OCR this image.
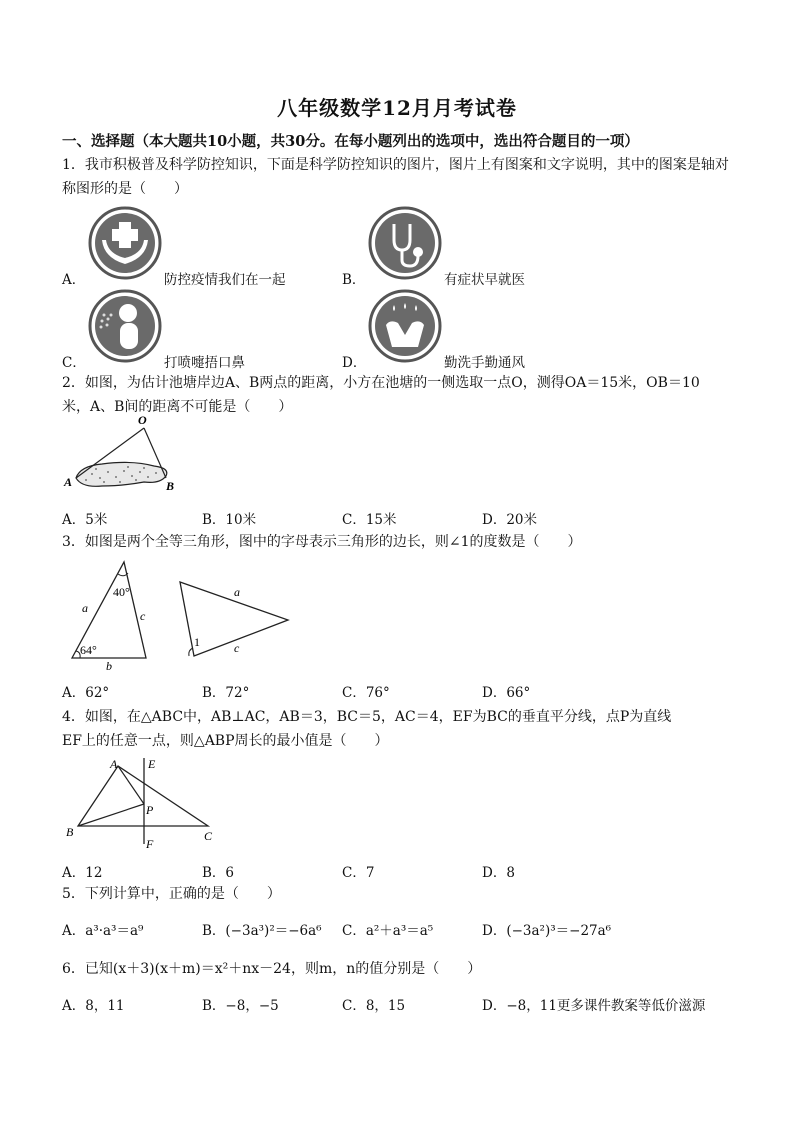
八年级数学12月月考试卷
一、选择题（本大题共10小题，共30分。在每小题列出的选项中，选出符合题目的一项）
1．我市积极普及科学防控知识，下面是科学防控知识的图片，图片上有图案和文字说明，其中的图案是轴对
称图形的是（　　）
A．	防控疫情我们在一起	B．	有症状早就医
C．	打喷嚏捂口鼻	D．	勤洗手勤通风
2．如图，为估计池塘岸边A、B两点的距离，小方在池塘的一侧选取一点O，测得OA＝15米，OB＝10
米，A、B间的距离不可能是（　　）
O
A	B
A．5米	B．10米	C．15米	D．20米
3．如图是两个全等三角形，图中的字母表示三角形的边长，则∠1的度数是（　　）
40°
64°
a
c
b
a
c
1
A．62°	B．72°	C．76°	D．66°
4．如图，在△ABC中，AB⊥AC，AB＝3，BC＝5，AC＝4，EF为BC的垂直平分线，点P为直线
EF上的任意一点，则△ABP周长的最小值是（　　）
A
B	C
E
F
P
A．12	B．6	C．7	D．8
5．下列计算中，正确的是（　　）
A．a³·a³＝a⁹	B．(−3a³)²＝−6a⁶ C．a²＋a³＝a⁵	D．(−3a²)³＝−27a⁶
6．已知(x＋3)(x＋m)＝x²＋nx－24，则m，n的值分别是（　　）
A．8，11	B．−8，−5	C．8，15	D．−8，11更多课件教案等低价滋源
